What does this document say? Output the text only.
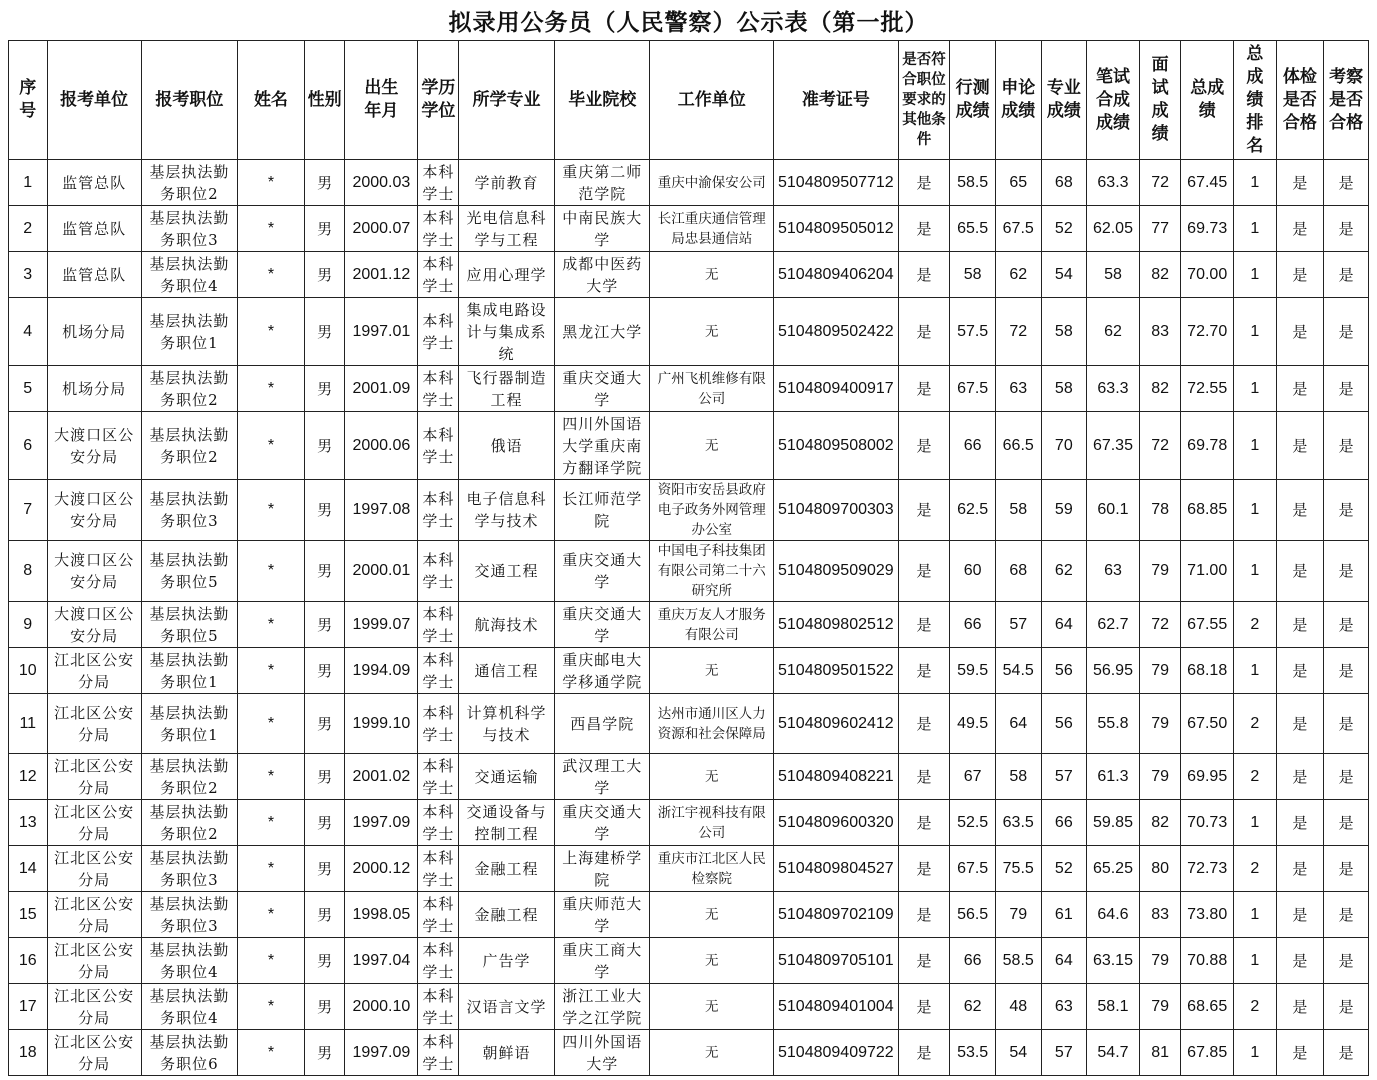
拟录用公务员（人民警察）公示表（第一批）
序号	报考单位	报考职位	姓名	性别	出生年月	学历学位	所学专业	毕业院校	工作单位	准考证号	是否符合职位要求的其他条件	行测成绩	申论成绩	专业成绩	笔试合成成绩	面试成绩	总成绩	总成绩排名	体检是否合格	考察是否合格

1	监管总队	基层执法勤务职位2	*	男	2000.03	本科学士	学前教育	重庆第二师范学院	重庆中渝保安公司	5104809507712	是	58.5	65	68	63.3	72	67.45	1	是	是
2	监管总队	基层执法勤务职位3	*	男	2000.07	本科学士	光电信息科学与工程	中南民族大学	长江重庆通信管理局忠县通信站	5104809505012	是	65.5	67.5	52	62.05	77	69.73	1	是	是
3	监管总队	基层执法勤务职位4	*	男	2001.12	本科学士	应用心理学	成都中医药大学	无	5104809406204	是	58	62	54	58	82	70.00	1	是	是
4	机场分局	基层执法勤务职位1	*	男	1997.01	本科学士	集成电路设计与集成系统	黑龙江大学	无	5104809502422	是	57.5	72	58	62	83	72.70	1	是	是
5	机场分局	基层执法勤务职位2	*	男	2001.09	本科学士	飞行器制造工程	重庆交通大学	广州飞机维修有限公司	5104809400917	是	67.5	63	58	63.3	82	72.55	1	是	是
6	大渡口区公安分局	基层执法勤务职位2	*	男	2000.06	本科学士	俄语	四川外国语大学重庆南方翻译学院	无	5104809508002	是	66	66.5	70	67.35	72	69.78	1	是	是
7	大渡口区公安分局	基层执法勤务职位3	*	男	1997.08	本科学士	电子信息科学与技术	长江师范学院	资阳市安岳县政府电子政务外网管理办公室	5104809700303	是	62.5	58	59	60.1	78	68.85	1	是	是
8	大渡口区公安分局	基层执法勤务职位5	*	男	2000.01	本科学士	交通工程	重庆交通大学	中国电子科技集团有限公司第二十六研究所	5104809509029	是	60	68	62	63	79	71.00	1	是	是
9	大渡口区公安分局	基层执法勤务职位5	*	男	1999.07	本科学士	航海技术	重庆交通大学	重庆万友人才服务有限公司	5104809802512	是	66	57	64	62.7	72	67.55	2	是	是
10	江北区公安分局	基层执法勤务职位1	*	男	1994.09	本科学士	通信工程	重庆邮电大学移通学院	无	5104809501522	是	59.5	54.5	56	56.95	79	68.18	1	是	是
11	江北区公安分局	基层执法勤务职位1	*	男	1999.10	本科学士	计算机科学与技术	西昌学院	达州市通川区人力资源和社会保障局	5104809602412	是	49.5	64	56	55.8	79	67.50	2	是	是
12	江北区公安分局	基层执法勤务职位2	*	男	2001.02	本科学士	交通运输	武汉理工大学	无	5104809408221	是	67	58	57	61.3	79	69.95	2	是	是
13	江北区公安分局	基层执法勤务职位2	*	男	1997.09	本科学士	交通设备与控制工程	重庆交通大学	浙江宇视科技有限公司	5104809600320	是	52.5	63.5	66	59.85	82	70.73	1	是	是
14	江北区公安分局	基层执法勤务职位3	*	男	2000.12	本科学士	金融工程	上海建桥学院	重庆市江北区人民检察院	5104809804527	是	67.5	75.5	52	65.25	80	72.73	2	是	是
15	江北区公安分局	基层执法勤务职位3	*	男	1998.05	本科学士	金融工程	重庆师范大学	无	5104809702109	是	56.5	79	61	64.6	83	73.80	1	是	是
16	江北区公安分局	基层执法勤务职位4	*	男	1997.04	本科学士	广告学	重庆工商大学	无	5104809705101	是	66	58.5	64	63.15	79	70.88	1	是	是
17	江北区公安分局	基层执法勤务职位4	*	男	2000.10	本科学士	汉语言文学	浙江工业大学之江学院	无	5104809401004	是	62	48	63	58.1	79	68.65	2	是	是
18	江北区公安分局	基层执法勤务职位6	*	男	1997.09	本科学士	朝鲜语	四川外国语大学	无	5104809409722	是	53.5	54	57	54.7	81	67.85	1	是	是
